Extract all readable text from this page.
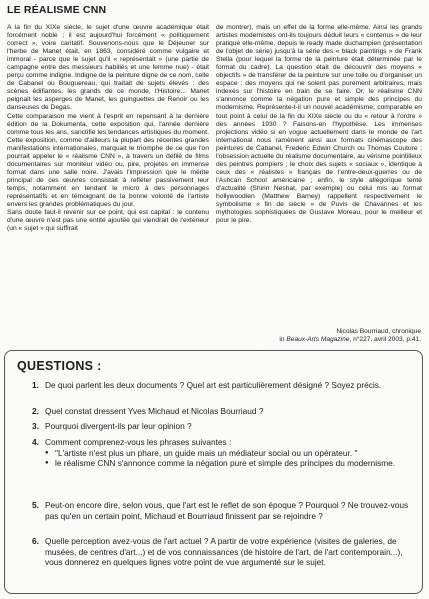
LE RÉALISME CNN

A la fin du XIXe siècle, le sujet d'une œuvre académique était forcément noble ; il est aujourd'hui forcément « politiquement correct », voire caritatif. Souvenons-nous que le Déjeuner sur l'herbe de Manet était, en 1863, considéré comme vulgaire et immoral - parce que le sujet qu'il « représentait » (une partie de campagne entre des messieurs habillés et une femme nue) - était perçu comme indigne. Indigne de la peinture digne de ce nom, celle de Cabanel ou Bouguereau, qui traitait de sujets élevés : des scènes édifiantes, les grands de ce monde, l'Histoire... Manet peignait les asperges de Manet, les guinguettes de Renoir ou les danseuses de Degas.

Cette comparaison me vient à l'esprit en repensant à la dernière édition de la Dokumenta, cette exposition qui, l'année dernière comme tous les ans, sanctifie les tendances artistiques du moment. Cette exposition, comme d'ailleurs la plupart des récentes grandes manifestations internationales, marquait le triomphe de ce que l'on pourrait appeler le « réalisme CNN », à travers un défilé de films documentaires sur moniteur vidéo ou, pire, projetés en immense format dans une salle noire. J'avais l'impression que le mérite principal de ces œuvres consistait à refléter passivement leur temps, notamment en tendant le micro à des personnages représentatifs et en témoignant de la bonne volonté de l'artiste envers les grandes problématiques du jour.

Sans doute faut-il revenir sur ce point, qui est capital : le contenu d'une œuvre n'est pas une entité ajoutée qui viendrait de l'extérieur (un « sujet » qui suffirait

de montrer), mais un effet de la forme elle-même. Ainsi les grands artistes modernistes ont-ils toujours déduit leurs « contenus » de leur pratique elle-même, depuis le ready made duchampien (présentation de l'objet de série) jusqu'à la série des « black paintings » de Frank Stella (pour lequel la forme de la peinture était déterminée par le format du cadre). La question était de découvrir des moyens « objectifs » de transférer de la peinture sur une toile ou d'organiser un espace : des moyens qui ne soient pas purement arbitraires, mais indexés sur l'histoire en train de se faire. Or, le réalisme CNN s'annonce comme la négation pure et simple des principes du modernisme. Représente-t-il un nouvel académisme, comparable en tout point à celui de la fin du XIXe siècle ou du « retour à l'ordre » des années 1930 ? Faisons-en l'hypothèse. Les immenses projections vidéo si en vogue actuellement dans le monde de l'art international nous ramènent ainsi aux formats cinémascope des peintures de Cabanel, Frederic Edwin Church ou Thomas Couture ; l'obsession actuelle du réalisme documentaire, au vérisme pointilleux des peintres pompiers ; le choix des sujets « sociaux », identique à ceux des « réalistes » français de l'entre-deux-guerres ou de l'Ashcan School américaine ; enfin, le style allégorique tenté d'actualité (Shirin Neshat, par exemple) ou celui mis au format hollywoodien (Matthew Barney) rappellent respectivement le symbolisme « fin de siècle » de Puvis de Chavannes et les mythologies sophistiquées de Gustave Moreau, pour le meilleur et pour le pire.

Nicolas Bourriaud, chronique
in Beaux-Arts Magazine, n°227, avril 2003, p.41.
QUESTIONS :
1. De quoi parlent les deux documents ? Quel art est particulièrement désigné ? Soyez précis.
2. Quel constat dressent Yves Michaud et Nicolas Bourriaud ?
3. Pourquoi divergent-ils par leur opinion ?
4. Comment comprenez-vous les phrases suivantes :
● "L'artiste n'est plus un phare, un guide mais un médiateur social ou un opérateur. "
● le réalisme CNN s'annonce comme la négation pure et simple des principes du modernisme.
5. Peut-on encore dire, selon vous, que l'art est le reflet de son époque ? Pourquoi ? Ne trouvez-vous pas qu'en un certain point, Michaud et Bourriaud finissent par se rejoindre ?
6. Quelle perception avez-vous de l'art actuel ? A partir de votre expérience (visites de galeries, de musées, de centres d'art...) et de vos connaissances (de histoire de l'art, de l'art contemporain...), vous donnerez en quelques lignes votre point de vue argumenté sur le sujet.
